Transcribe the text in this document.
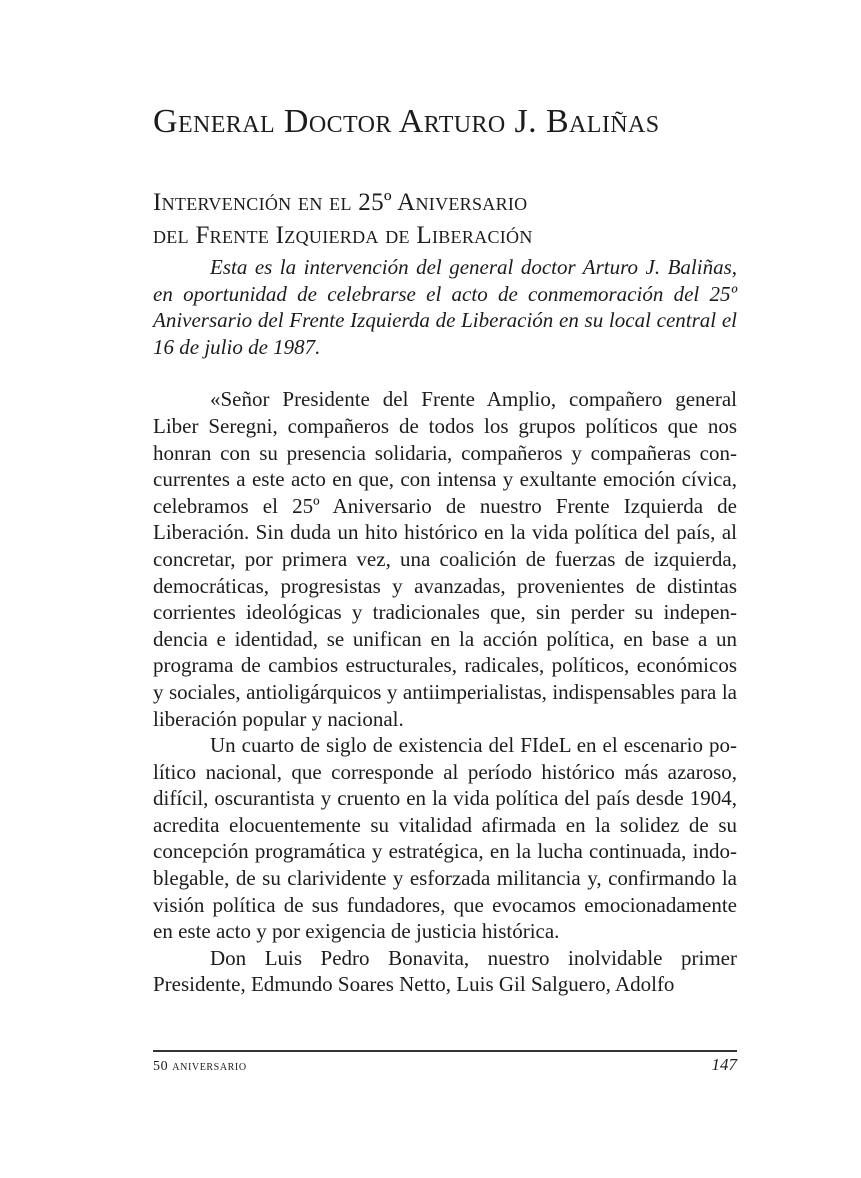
General Doctor Arturo J. Baliñas
Intervención en el 25º Aniversario
del Frente Izquierda de Liberación

Esta es la intervención del general doctor Arturo J. Baliñas, en oportunidad de celebrarse el acto de conmemoración del 25º Aniversario del Frente Izquierda de Liberación en su local central el 16 de julio de 1987.

«Señor Presidente del Frente Amplio, compañero general Liber Seregni, compañeros de todos los grupos políticos que nos honran con su presencia solidaria, compañeros y compañeras concurrentes a este acto en que, con intensa y exultante emoción cívica, celebramos el 25º Aniversario de nuestro Frente Izquierda de Liberación. Sin duda un hito histórico en la vida política del país, al concretar, por primera vez, una coalición de fuerzas de izquierda, democráticas, progresistas y avanzadas, provenientes de distintas corrientes ideológicas y tradicionales que, sin perder su independencia e identidad, se unifican en la acción política, en base a un programa de cambios estructurales, radicales, políticos, económicos y sociales, antioligárquicos y antiimperialistas, indispensables para la liberación popular y nacional.

Un cuarto de siglo de existencia del FIdeL en el escenario político nacional, que corresponde al período histórico más azaroso, difícil, oscurantista y cruento en la vida política del país desde 1904, acredita elocuentemente su vitalidad afirmada en la solidez de su concepción programática y estratégica, en la lucha continuada, indoblegable, de su clarividente y esforzada militancia y, confirmando la visión política de sus fundadores, que evocamos emocionadamente en este acto y por exigencia de justicia histórica.

Don Luis Pedro Bonavita, nuestro inolvidable primer Presidente, Edmundo Soares Netto, Luis Gil Salguero, Adolfo

50 aniversario	147
